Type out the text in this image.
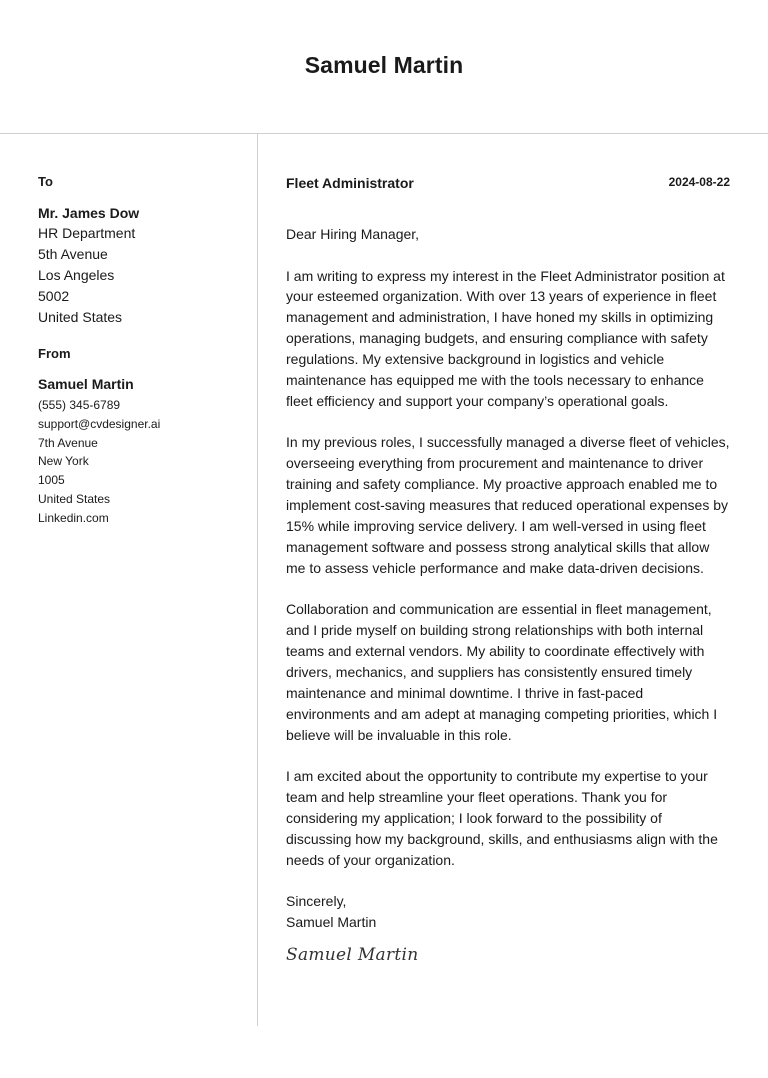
Samuel Martin
To
Mr. James Dow
HR Department
5th Avenue
Los Angeles
5002
United States
From
Samuel Martin
(555) 345-6789
support@cvdesigner.ai
7th Avenue
New York
1005
United States
Linkedin.com
Fleet Administrator	2024-08-22

Dear Hiring Manager,

I am writing to express my interest in the Fleet Administrator position at your esteemed organization. With over 13 years of experience in fleet management and administration, I have honed my skills in optimizing operations, managing budgets, and ensuring compliance with safety regulations. My extensive background in logistics and vehicle maintenance has equipped me with the tools necessary to enhance fleet efficiency and support your company’s operational goals.

In my previous roles, I successfully managed a diverse fleet of vehicles, overseeing everything from procurement and maintenance to driver training and safety compliance. My proactive approach enabled me to implement cost-saving measures that reduced operational expenses by 15% while improving service delivery. I am well-versed in using fleet management software and possess strong analytical skills that allow me to assess vehicle performance and make data-driven decisions.

Collaboration and communication are essential in fleet management, and I pride myself on building strong relationships with both internal teams and external vendors. My ability to coordinate effectively with drivers, mechanics, and suppliers has consistently ensured timely maintenance and minimal downtime. I thrive in fast-paced environments and am adept at managing competing priorities, which I believe will be invaluable in this role.

I am excited about the opportunity to contribute my expertise to your team and help streamline your fleet operations. Thank you for considering my application; I look forward to the possibility of discussing how my background, skills, and enthusiasms align with the needs of your organization.

Sincerely,
Samuel Martin
Samuel Martin
